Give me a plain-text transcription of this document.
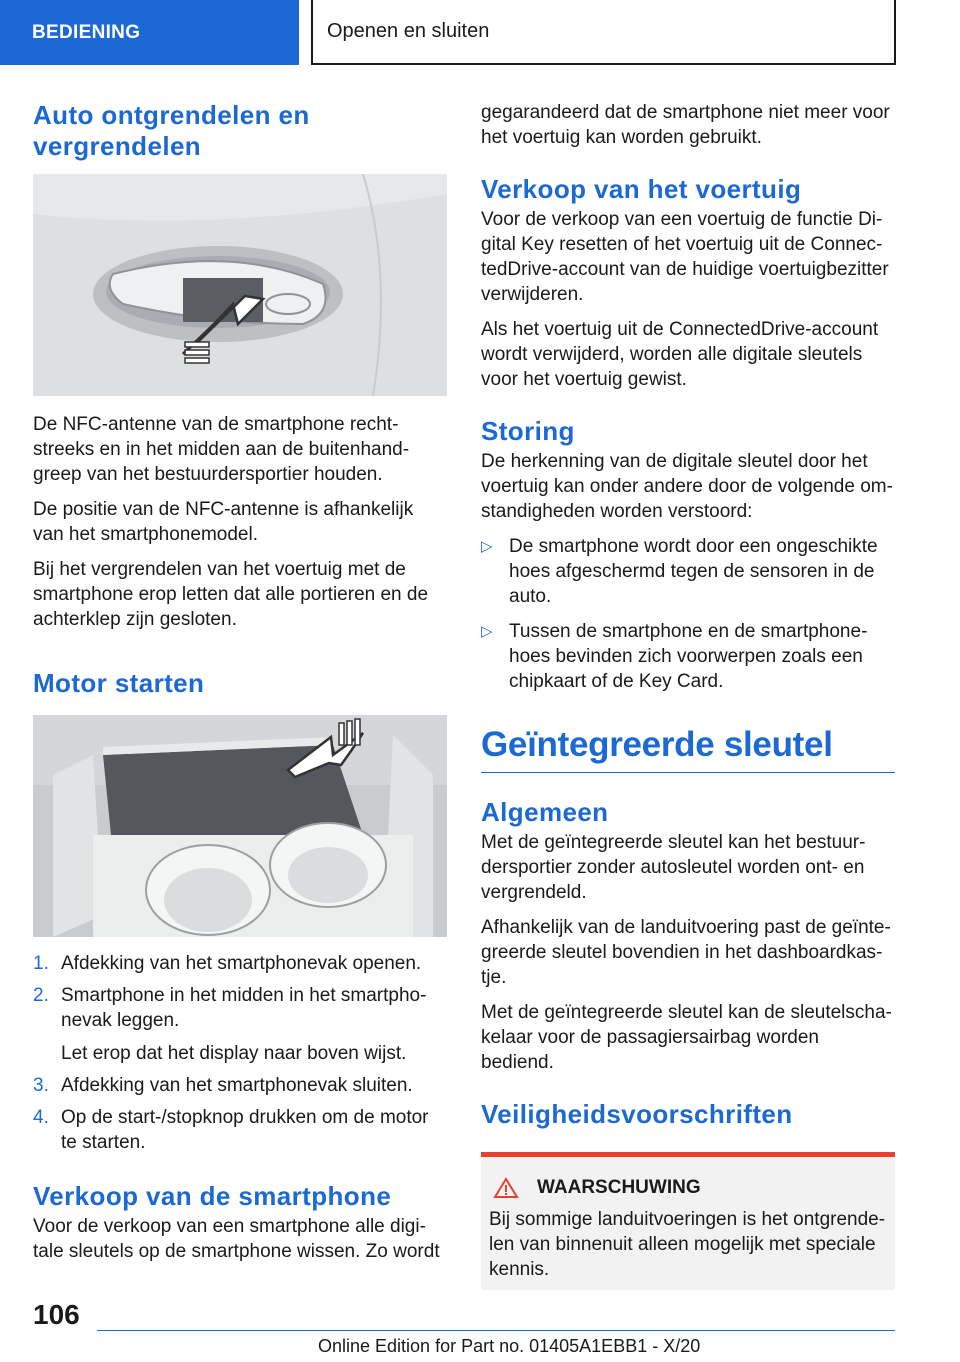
BEDIENING	Openen en sluiten
Auto ontgrendelen en vergrendelen

De NFC-antenne van de smartphone rechtstreeks en in het midden aan de buitenhandgreep van het bestuurdersportier houden.

De positie van de NFC-antenne is afhankelijk van het smartphonemodel.

Bij het vergrendelen van het voertuig met de smartphone erop letten dat alle portieren en de achterklep zijn gesloten.

Motor starten
1. Afdekking van het smartphonevak openen.
2. Smartphone in het midden in het smartphonevak leggen.
Let erop dat het display naar boven wijst.
3. Afdekking van het smartphonevak sluiten.
4. Op de start-/stopknop drukken om de motor te starten.
Verkoop van de smartphone

Voor de verkoop van een smartphone alle digitale sleutels op de smartphone wissen. Zo wordt

gegarandeerd dat de smartphone niet meer voor het voertuig kan worden gebruikt.

Verkoop van het voertuig

Voor de verkoop van een voertuig de functie Digital Key resetten of het voertuig uit de ConnectedDrive-account van de huidige voertuigbezitter verwijderen.

Als het voertuig uit de ConnectedDrive-account wordt verwijderd, worden alle digitale sleutels voor het voertuig gewist.

Storing

De herkenning van de digitale sleutel door het voertuig kan onder andere door de volgende omstandigheden worden verstoord:

▷ De smartphone wordt door een ongeschikte hoes afgeschermd tegen de sensoren in de auto.
▷ Tussen de smartphone en de smartphonehoes bevinden zich voorwerpen zoals een chipkaart of de Key Card.
Geïntegreerde sleutel
Algemeen

Met de geïntegreerde sleutel kan het bestuurdersportier zonder autosleutel worden ont- en vergrendeld.

Afhankelijk van de landuitvoering past de geïntegreerde sleutel bovendien in het dashboardkastje.

Met de geïntegreerde sleutel kan de sleutelschakelaar voor de passagiersairbag worden bediend.

Veiligheidsvoorschriften
WAARSCHUWING

Bij sommige landuitvoeringen is het ontgrendelen van binnenuit alleen mogelijk met speciale kennis.

106
Online Edition for Part no. 01405A1EBB1 - X/20
